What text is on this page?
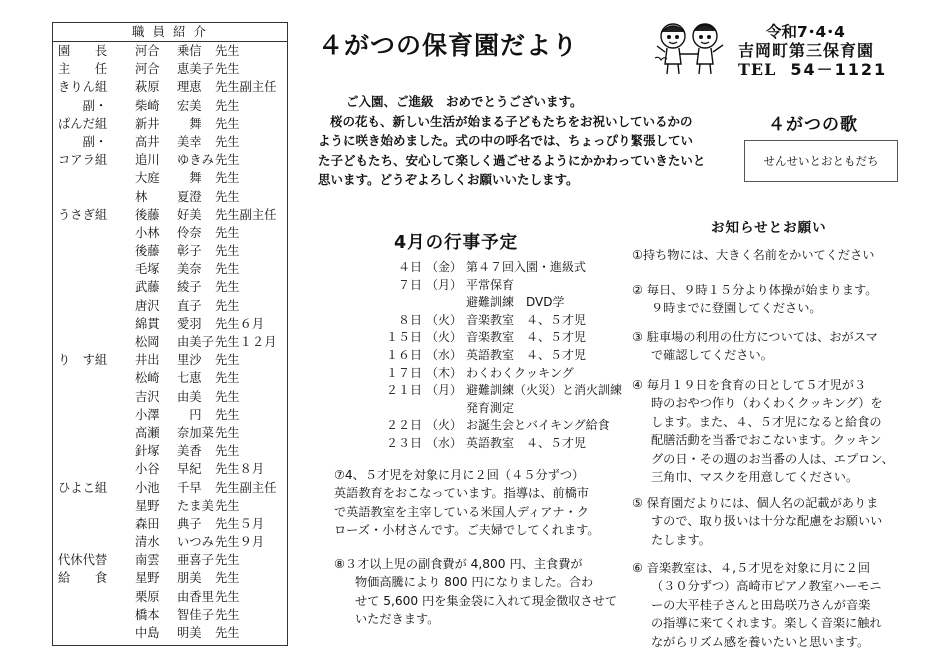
職 員 紹 介
園　　長 河合 乗信 先生
主　　任 河合 恵美子 先生
きりん組 萩原 理恵 先生副主任
　　副・ 柴崎 宏美 先生
ぱんだ組 新井 　舞 先生
　　副・ 高井 美幸 先生
コアラ組 追川 ゆきみ 先生
大庭 　舞 先生
林 夏澄 先生
うさぎ組 後藤 好美 先生副主任
小林 伶奈 先生
後藤 彰子 先生
毛塚 美奈 先生
武藤 綾子 先生
唐沢 直子 先生
綿貫 愛羽 先生６月
松岡 由美子 先生１２月
り　す組 井出 里沙 先生
松崎 七恵 先生
吉沢 由美 先生
小澤 　円 先生
高瀬 奈加菜 先生
針塚 美香 先生
小谷 早紀 先生８月
ひよこ組 小池 千早 先生副主任
星野 たま美 先生
森田 典子 先生５月
清水 いつみ 先生９月
代休代替 南雲 亜喜子 先生
給　　食 星野 朋美 先生
栗原 由香里 先生
橋本 智佳子 先生
中島 明美 先生
４がつの保育園だより	令和7･4･4
吉岡町第三保育園
TEL 54－1121
ご入園、ご進級　おめでとうございます。
桜の花も、新しい生活が始まる子どもたちをお祝いしているかの
ように咲き始めました。式の中の呼名では、ちょっぴり緊張してい
た子どもたち、安心して楽しく過ごせるようにかかわっていきたいと
思います。どうぞよろしくお願いいたします。
４がつの歌
せんせいとおともだち
4月の行事予定
４日 （金） 第４７回入園・進級式
７日 （月） 平常保育
避難訓練　DVD学
８日 （火） 音楽教室　４、５才児
１５日 （火） 音楽教室　４、５才児
１６日 （水） 英語教室　４、５才児
１７日 （木） わくわくクッキング
２１日 （月） 避難訓練（火災）と消火訓練
発育測定
２２日 （火） お誕生会とバイキング給食
２３日 （水） 英語教室　４、５才児
⑦4、５才児を対象に月に２回（４５分ずつ）
英語教育をおこなっています。指導は、前橋市
で英語教室を主宰している米国人ディアナ・ク
ローズ・小材さんです。ご夫婦でしてくれます。
⑧３才以上児の副食費が 4,800 円、主食費が
物価高騰により 800 円になりました。合わ
せて 5,600 円を集金袋に入れて現金徴収させて
いただきます。
お知らせとお願い
①持ち物には、大きく名前をかいてください
② 毎日、９時１５分より体操が始まります。
９時までに登園してください。
③ 駐車場の利用の仕方については、おがスマ
で確認してください。
④ 毎月１９日を食育の日として５才児が３
時のおやつ作り（わくわくクッキング）を
します。また、４、５才児になると給食の
配膳活動を当番でおこないます。クッキン
グの日・その週のお当番の人は、エプロン、
三角巾、マスクを用意してください。
⑤ 保育園だよりには、個人名の記載がありま
すので、取り扱いは十分な配慮をお願いい
たします。
⑥ 音楽教室は、４,５才児を対象に月に２回
（３０分ずつ）高崎市ピアノ教室ハーモニ
ーの大平桂子さんと田島咲乃さんが音楽
の指導に来てくれます。楽しく音楽に触れ
ながらリズム感を養いたいと思います。
